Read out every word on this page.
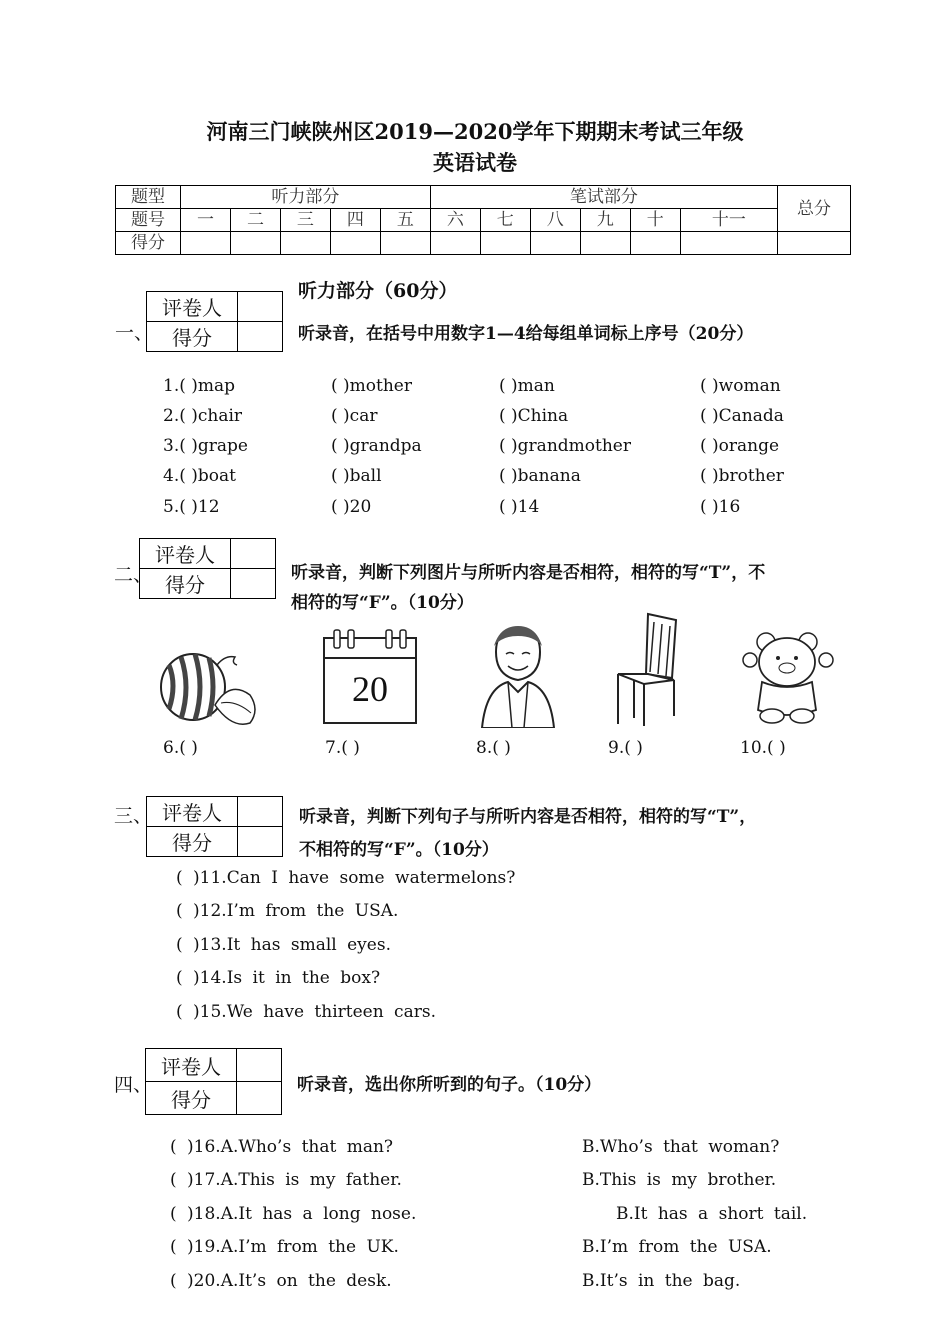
河南三门峡陕州区2019—2020学年下期期末考试三年级
英语试卷
题型	听力部分					笔试部分						总分
题号	一	二	三	四	五	六	七	八	九	十	十一	
得分												
听力部分（60分）
一、
评卷人	
得分		听录音，在括号中用数字1—4给每组单词标上序号（20分）
1.( )map	( )mother	( )man	( )woman
2.( )chair	( )car	( )China	( )Canada
3.( )grape	( )grandpa	( )grandmother	( )orange
4.( )boat	( )ball	( )banana	( )brother
5.( )12	( )20	( )14	( )16
二、
评卷人	
得分		听录音，判断下列图片与所听内容是否相符，相符的写“T”，不
相符的写“F”。（10分）
20
6.( )	7.( )	8.( )	9.( )	10.( )
三、 评卷人	
得分	
听录音，判断下列句子与所听内容是否相符，相符的写“T”，
不相符的写“F”。（10分）
( )11.Can I have some watermelons?
( )12.I’m from the USA.
( )13.It has small eyes.
( )14.Is it in the box?
( )15.We have thirteen cars.
四、
评卷人	
得分	
听录音，选出你所听到的句子。（10分）
( )16.A.Who’s that man?	B.Who’s that woman?
( )17.A.This is my father.	B.This is my brother.
( )18.A.It has a long nose.	B.It has a short tail.
( )19.A.I’m from the UK.	B.I’m from the USA.
( )20.A.It’s on the desk.	B.It’s in the bag.
